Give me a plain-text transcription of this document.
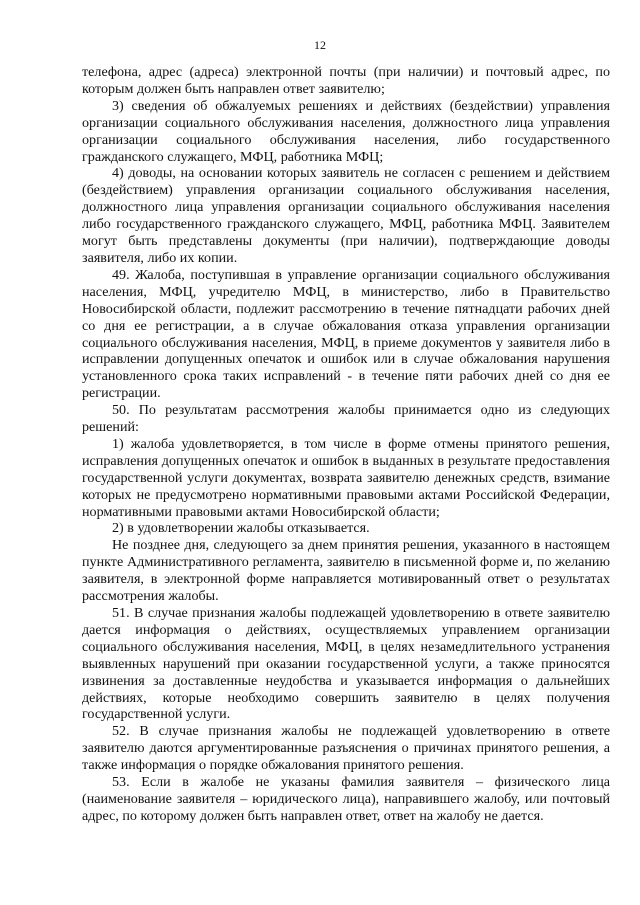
12

телефона, адрес (адреса) электронной почты (при наличии) и почтовый адрес, по которым должен быть направлен ответ заявителю;

3) сведения об обжалуемых решениях и действиях (бездействии) управления организации социального обслуживания населения, должностного лица управления организации социального обслуживания населения, либо государственного гражданского служащего, МФЦ, работника МФЦ;

4) доводы, на основании которых заявитель не согласен с решением и действием (бездействием) управления организации социального обслуживания населения, должностного лица управления организации социального обслуживания населения либо государственного гражданского служащего, МФЦ, работника МФЦ. Заявителем могут быть представлены документы (при наличии), подтверждающие доводы заявителя, либо их копии.

49. Жалоба, поступившая в управление организации социального обслуживания населения, МФЦ, учредителю МФЦ, в министерство, либо в Правительство Новосибирской области, подлежит рассмотрению в течение пятнадцати рабочих дней со дня ее регистрации, а в случае обжалования отказа управления организации социального обслуживания населения, МФЦ, в приеме документов у заявителя либо в исправлении допущенных опечаток и ошибок или в случае обжалования нарушения установленного срока таких исправлений - в течение пяти рабочих дней со дня ее регистрации.

50. По результатам рассмотрения жалобы принимается одно из следующих решений:

1) жалоба удовлетворяется, в том числе в форме отмены принятого решения, исправления допущенных опечаток и ошибок в выданных в результате предоставления государственной услуги документах, возврата заявителю денежных средств, взимание которых не предусмотрено нормативными правовыми актами Российской Федерации, нормативными правовыми актами Новосибирской области;

2) в удовлетворении жалобы отказывается.

Не позднее дня, следующего за днем принятия решения, указанного в настоящем пункте Административного регламента, заявителю в письменной форме и, по желанию заявителя, в электронной форме направляется мотивированный ответ о результатах рассмотрения жалобы.

51. В случае признания жалобы подлежащей удовлетворению в ответе заявителю дается информация о действиях, осуществляемых управлением организации социального обслуживания населения, МФЦ, в целях незамедлительного устранения выявленных нарушений при оказании государственной услуги, а также приносятся извинения за доставленные неудобства и указывается информация о дальнейших действиях, которые необходимо совершить заявителю в целях получения государственной услуги.

52. В случае признания жалобы не подлежащей удовлетворению в ответе заявителю даются аргументированные разъяснения о причинах принятого решения, а также информация о порядке обжалования принятого решения.

53. Если в жалобе не указаны фамилия заявителя – физического лица (наименование заявителя – юридического лица), направившего жалобу, или почтовый адрес, по которому должен быть направлен ответ, ответ на жалобу не дается.
